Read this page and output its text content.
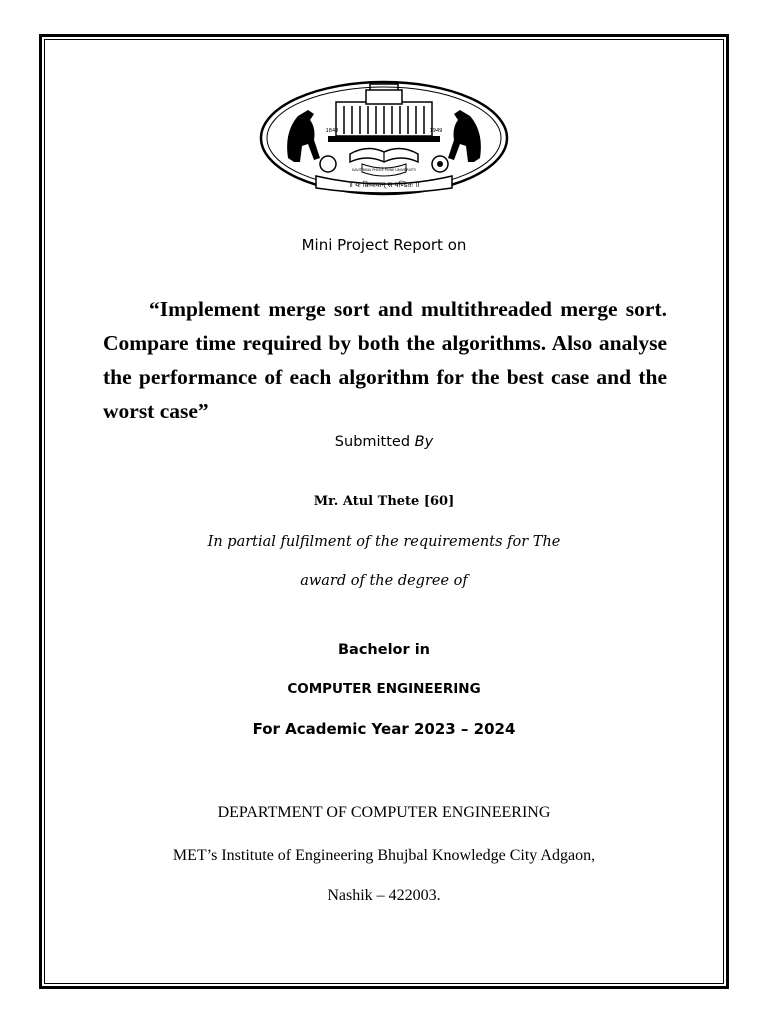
॥ यः क्रियावान् स पण्डितः ॥
SAVITRIBAI PHULE PUNE UNIVERSITY
1848	1949
Mini Project Report on
“Implement merge sort and multithreaded merge sort. Compare time required by both the algorithms. Also analyse the performance of each algorithm for the best case and the worst case”
Submitted By
Mr. Atul Thete [60]
In partial fulfilment of the requirements for The
award of the degree of
Bachelor in
COMPUTER ENGINEERING
For Academic Year 2023 – 2024
DEPARTMENT OF COMPUTER ENGINEERING
MET’s Institute of Engineering Bhujbal Knowledge City Adgaon,
Nashik – 422003.
